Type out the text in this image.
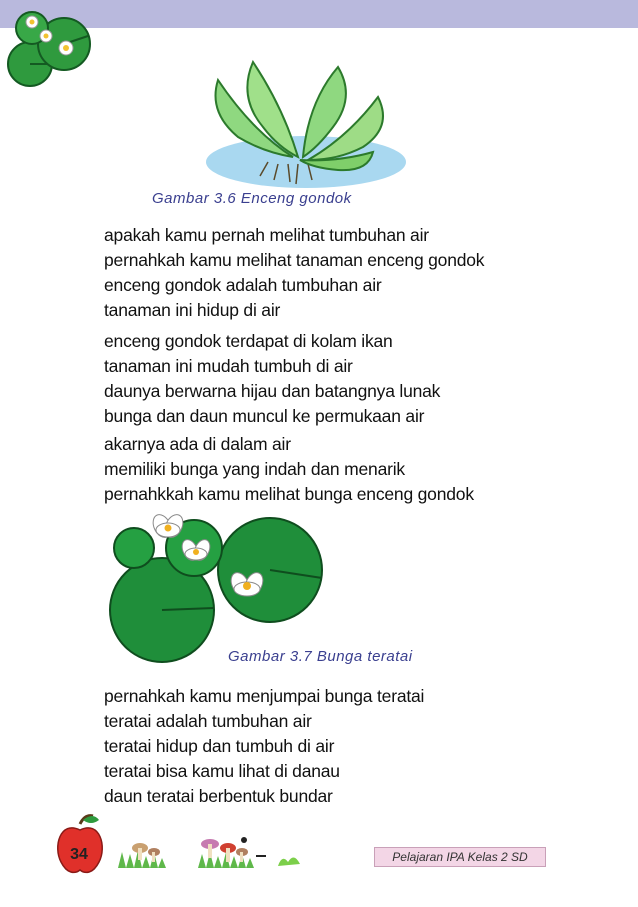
Gambar 3.6 Enceng gondok
apakah kamu pernah melihat tumbuhan air
pernahkah kamu melihat tanaman enceng gondok
enceng gondok adalah tumbuhan air
tanaman ini hidup di air
enceng gondok terdapat di kolam ikan
tanaman ini mudah tumbuh di air
daunya berwarna hijau dan batangnya lunak
bunga dan daun muncul ke permukaan air
akarnya ada di dalam air
memiliki bunga yang indah dan menarik
pernahkkah kamu melihat bunga enceng gondok
Gambar 3.7 Bunga teratai
pernahkah kamu menjumpai bunga teratai
teratai adalah tumbuhan air
teratai hidup dan tumbuh di air
teratai bisa kamu lihat di danau
daun teratai berbentuk bundar
34	Pelajaran IPA Kelas 2 SD
